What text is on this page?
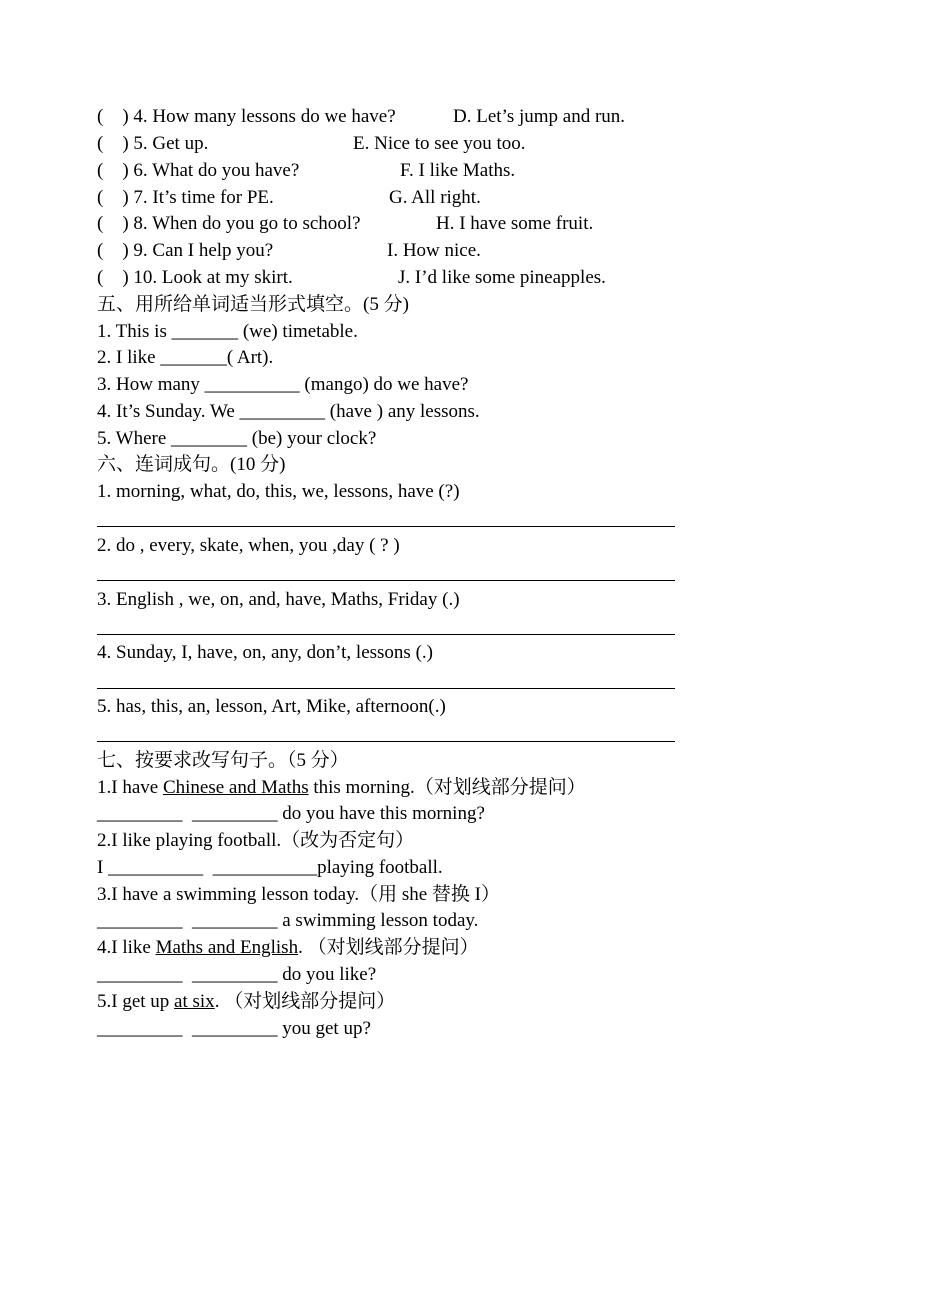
(    ) 4. How many lessons do we have?	D. Let’s jump and run.
(    ) 5. Get up.	E. Nice to see you too.
(    ) 6. What do you have?	F. I like Maths.
(    ) 7. It’s time for PE.	G. All right.
(    ) 8. When do you go to school?	H. I have some fruit.
(    ) 9. Can I help you?	I. How nice.
(    ) 10. Look at my skirt.	J. I’d like some pineapples.
五、用所给单词适当形式填空。(5 分)
1. This is _______ (we) timetable.
2. I like _______( Art).
3. How many __________ (mango) do we have?
4. It’s Sunday. We _________ (have ) any lessons.
5. Where ________ (be) your clock?
六、连词成句。(10 分)
1. morning, what, do, this, we, lessons, have (?)
2. do , every, skate, when, you ,day ( ? )
3. English , we, on, and, have, Maths, Friday (.)
4. Sunday, I, have, on, any, don’t, lessons (.)
5. has, this, an, lesson, Art, Mike, afternoon(.)
七、按要求改写句子。（5 分）
1.I have Chinese and Maths this morning.（对划线部分提问）
_________  _________ do you have this morning?
2.I like playing football.（改为否定句）
I __________  ___________playing football.
3.I have a swimming lesson today.（用 she 替换 I）
_________  _________ a swimming lesson today.
4.I like Maths and English. （对划线部分提问）
_________  _________ do you like?
5.I get up at six. （对划线部分提问）
_________  _________ you get up?
